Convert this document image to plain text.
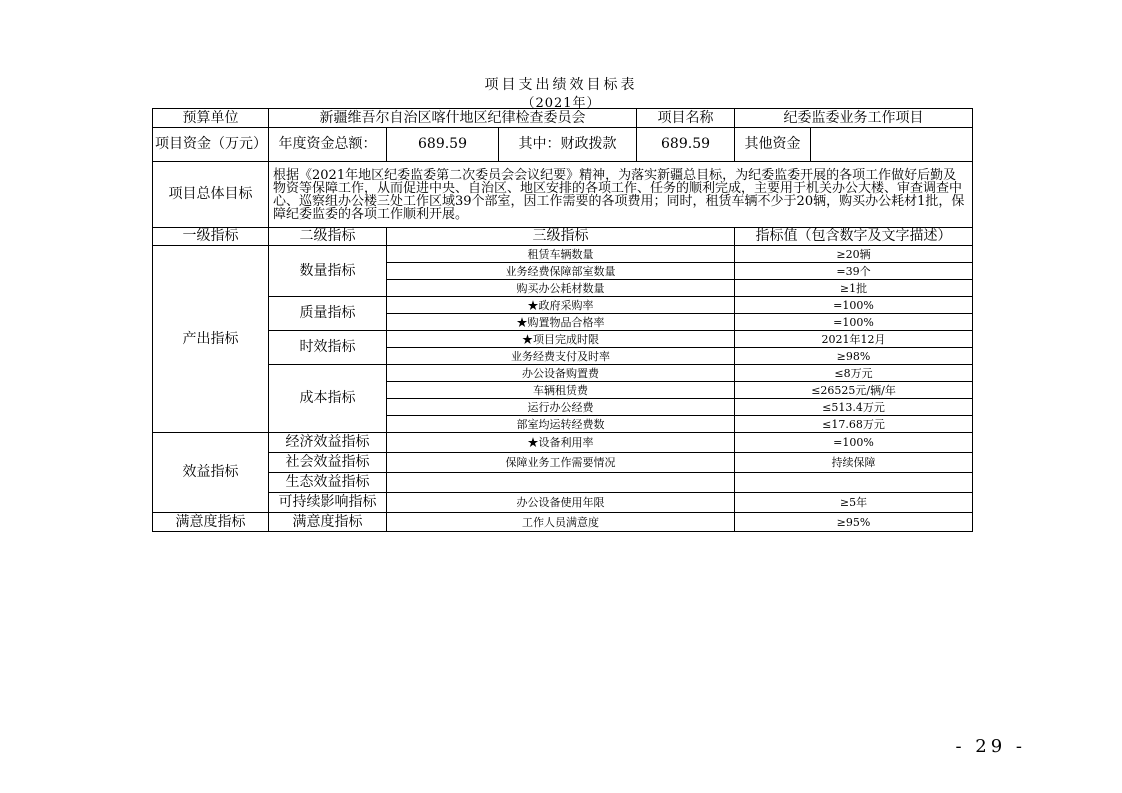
项目支出绩效目标表
（2021年）
预算单位	新疆维吾尔自治区喀什地区纪律检查委员会			项目名称	纪委监委业务工作项目	
项目资金（万元）	年度资金总额：	689.59	其中：财政拨款	689.59	其他资金	
项目总体目标	根据《2021年地区纪委监委第二次委员会会议纪要》精神，为落实新疆总目标，为纪委监委开展的各项工作做好后勤及物资等保障工作，从而促进中央、自治区、地区安排的各项工作、任务的顺利完成，主要用于机关办公大楼、审查调查中心、巡察组办公楼三处工作区域39个部室，因工作需要的各项费用；同时，租赁车辆不少于20辆，购买办公耗材1批，保障纪委监委的各项工作顺利开展。					
一级指标	二级指标	三级指标			指标值（包含数字及文字描述）	
产出指标	数量指标	租赁车辆数量			≥20辆	
		业务经费保障部室数量			=39个	
		购买办公耗材数量			≥1批	
	质量指标	★政府采购率			=100%	
		★购置物品合格率			=100%	
	时效指标	★项目完成时限			2021年12月	
		业务经费支付及时率			≥98%	
	成本指标	办公设备购置费			≤8万元	
		车辆租赁费			≤26525元/辆/年	
		运行办公经费			≤513.4万元	
		部室均运转经费数			≤17.68万元	
效益指标	经济效益指标	★设备利用率			=100%	
	社会效益指标	保障业务工作需要情况			持续保障	
	生态效益指标					
	可持续影响指标	办公设备使用年限			≥5年	
满意度指标	满意度指标	工作人员满意度			≥95%	
- 29 -
